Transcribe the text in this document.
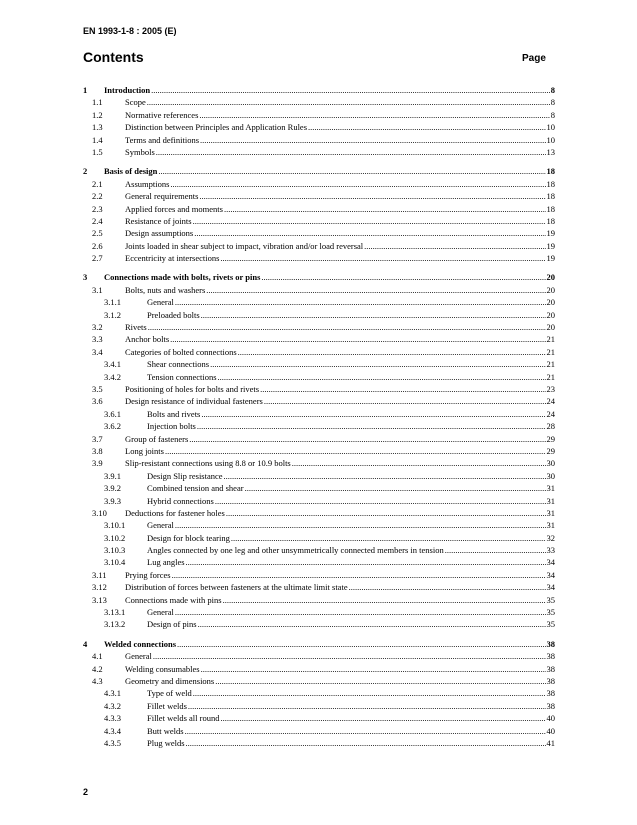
EN 1993-1-8 : 2005 (E)
Contents	Page
1	Introduction .....	8
1.1	Scope .....	8
1.2	Normative references .....	8
1.3	Distinction between Principles and Application Rules .....	10
1.4	Terms and definitions .....	10
1.5	Symbols .....	13
2	Basis of design .....	18
2.1	Assumptions .....	18
2.2	General requirements .....	18
2.3	Applied forces and moments .....	18
2.4	Resistance of joints .....	18
2.5	Design assumptions .....	19
2.6	Joints loaded in shear subject to impact, vibration and/or load reversal .....	19
2.7	Eccentricity at intersections .....	19
3	Connections made with bolts, rivets or pins .....	20
3.1	Bolts, nuts and washers .....	20
3.1.1	General .....	20
3.1.2	Preloaded bolts .....	20
3.2	Rivets .....	20
3.3	Anchor bolts .....	21
3.4	Categories of bolted connections .....	21
3.4.1	Shear connections .....	21
3.4.2	Tension connections .....	21
3.5	Positioning of holes for bolts and rivets .....	23
3.6	Design resistance of individual fasteners .....	24
3.6.1	Bolts and rivets .....	24
3.6.2	Injection bolts .....	28
3.7	Group of fasteners .....	29
3.8	Long joints .....	29
3.9	Slip-resistant connections using 8.8 or 10.9 bolts .....	30
3.9.1	Design Slip resistance .....	30
3.9.2	Combined tension and shear .....	31
3.9.3	Hybrid connections .....	31
3.10	Deductions for fastener holes .....	31
3.10.1	General .....	31
3.10.2	Design for block tearing .....	32
3.10.3	Angles connected by one leg and other unsymmetrically connected members in tension .....	33
3.10.4	Lug angles .....	34
3.11	Prying forces .....	34
3.12	Distribution of forces between fasteners at the ultimate limit state .....	34
3.13	Connections made with pins .....	35
3.13.1	General .....	35
3.13.2	Design of pins .....	35
4	Welded connections .....	38
4.1	General .....	38
4.2	Welding consumables .....	38
4.3	Geometry and dimensions .....	38
4.3.1	Type of weld .....	38
4.3.2	Fillet welds .....	38
4.3.3	Fillet welds all round .....	40
4.3.4	Butt welds .....	40
4.3.5	Plug welds .....	41
2
